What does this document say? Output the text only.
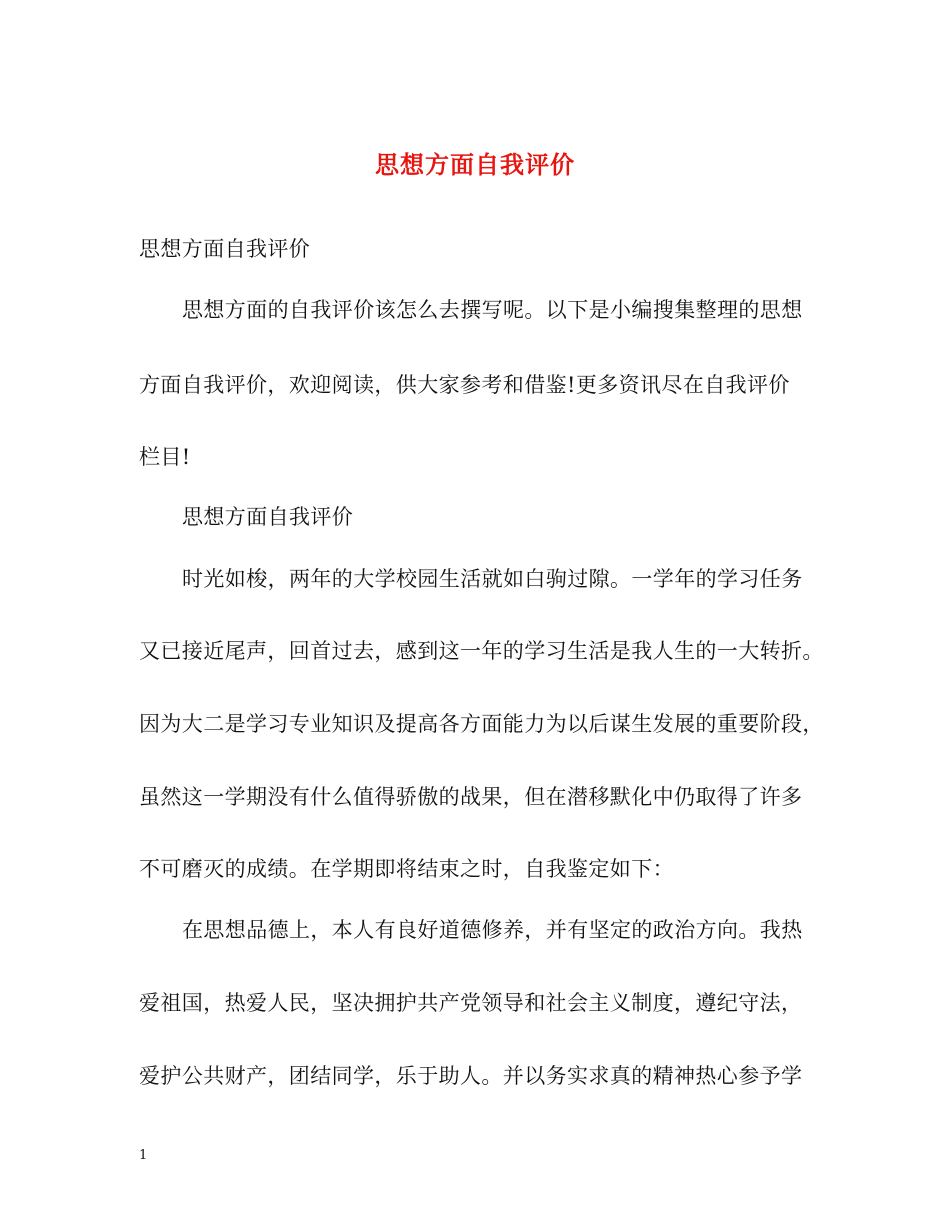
思想方面自我评价
思想方面自我评价
思想方面的自我评价该怎么去撰写呢。以下是小编搜集整理的思想
方面自我评价，欢迎阅读，供大家参考和借鉴!更多资讯尽在自我评价
栏目!
思想方面自我评价
时光如梭，两年的大学校园生活就如白驹过隙。一学年的学习任务
又已接近尾声，回首过去，感到这一年的学习生活是我人生的一大转折。
因为大二是学习专业知识及提高各方面能力为以后谋生发展的重要阶段，
虽然这一学期没有什么值得骄傲的战果，但在潜移默化中仍取得了许多
不可磨灭的成绩。在学期即将结束之时，自我鉴定如下：
在思想品德上，本人有良好道德修养，并有坚定的政治方向。我热
爱祖国，热爱人民，坚决拥护共产党领导和社会主义制度，遵纪守法，
爱护公共财产，团结同学，乐于助人。并以务实求真的精神热心参予学
1
